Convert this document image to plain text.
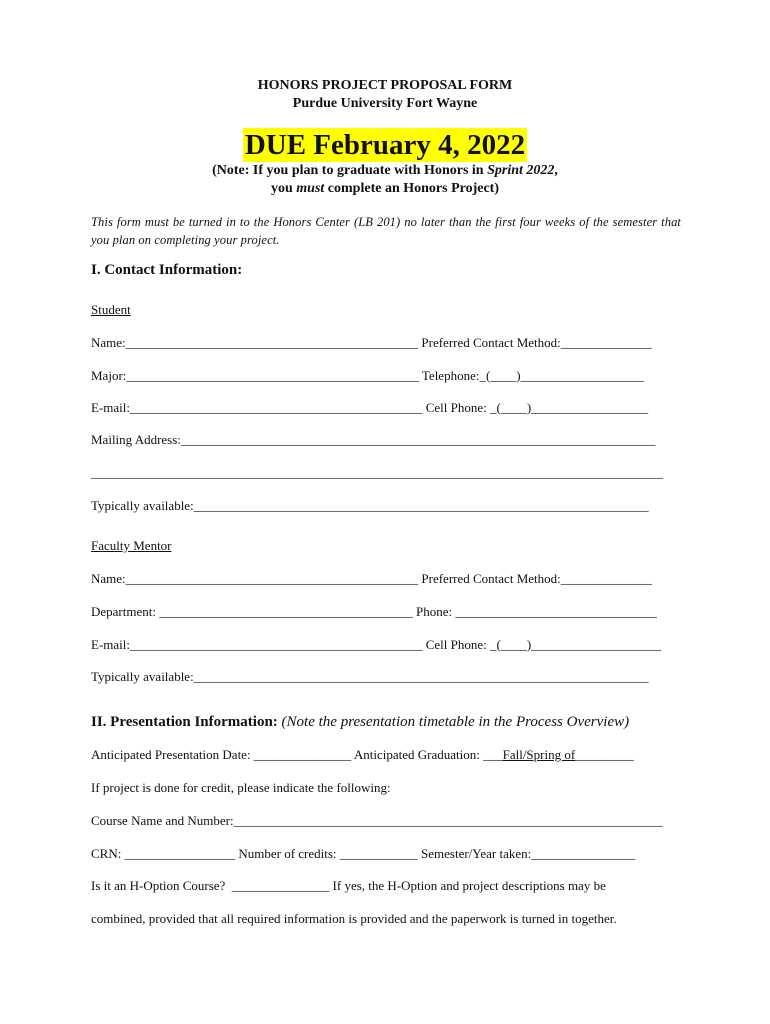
HONORS PROJECT PROPOSAL FORM
Purdue University Fort Wayne
DUE February 4, 2022
(Note: If you plan to graduate with Honors in Sprint 2022,
you must complete an Honors Project)
This form must be turned in to the Honors Center (LB 201) no later than the first four weeks of the semester that you plan on completing your project.
I. Contact Information:
Student
Name:_____________________________________________ Preferred Contact Method:______________
Major:_____________________________________________ Telephone:_(____)___________________
E-mail:_____________________________________________ Cell Phone: _(____)__________________
Mailing Address:_________________________________________________________________________
________________________________________________________________________________________
Typically available:______________________________________________________________________
Faculty Mentor
Name:_____________________________________________ Preferred Contact Method:______________
Department: _______________________________________ Phone: _______________________________
E-mail:_____________________________________________ Cell Phone: _(____)____________________
Typically available:______________________________________________________________________
II. Presentation Information: (Note the presentation timetable in the Process Overview)
Anticipated Presentation Date: _______________ Anticipated Graduation: ___Fall/Spring of_________
If project is done for credit, please indicate the following:
Course Name and Number:__________________________________________________________________
CRN: _________________ Number of credits: ____________ Semester/Year taken:________________
Is it an H-Option Course?  _______________ If yes, the H-Option and project descriptions may be
combined, provided that all required information is provided and the paperwork is turned in together.
